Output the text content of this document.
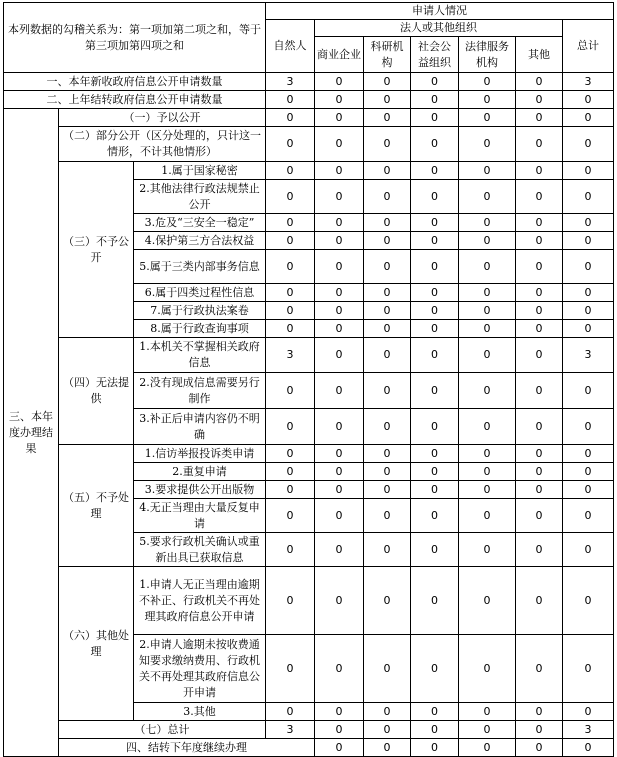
本列数据的勾稽关系为：第一项加第二项之和，等于第三项加第四项之和			申请人情况							
			自然人	法人或其他组织					总计	
				商业企业	科研机构	社会公益组织	法律服务机构	其他		
一、本年新收政府信息公开申请数量			3	0	0	0	0	0	3	
二、上年结转政府信息公开申请数量			0	0	0	0	0	0	0	
三、本年度办理结果	（一）予以公开		0	0	0	0	0	0	0	
	（二）部分公开（区分处理的，只计这一情形，不计其他情形）		0	0	0	0	0	0	0	
	（三）不予公开	1.属于国家秘密	0	0	0	0	0	0	0	
		2.其他法律行政法规禁止公开	0	0	0	0	0	0	0	
		3.危及“三安全一稳定”	0	0	0	0	0	0	0	
		4.保护第三方合法权益	0	0	0	0	0	0	0	
		5.属于三类内部事务信息	0	0	0	0	0	0	0	
		6.属于四类过程性信息	0	0	0	0	0	0	0	
		7.属于行政执法案卷	0	0	0	0	0	0	0	
		8.属于行政查询事项	0	0	0	0	0	0	0	
	（四）无法提供	1.本机关不掌握相关政府信息	3	0	0	0	0	0	3	
		2.没有现成信息需要另行制作	0	0	0	0	0	0	0	
		3.补正后申请内容仍不明确	0	0	0	0	0	0	0	
	（五）不予处理	1.信访举报投诉类申请	0	0	0	0	0	0	0	
		2.重复申请	0	0	0	0	0	0	0	
		3.要求提供公开出版物	0	0	0	0	0	0	0	
		4.无正当理由大量反复申请	0	0	0	0	0	0	0	
		5.要求行政机关确认或重新出具已获取信息	0	0	0	0	0	0	0	
	（六）其他处理	1.申请人无正当理由逾期不补正、行政机关不再处理其政府信息公开申请	0	0	0	0	0	0	0	
		2.申请人逾期未按收费通知要求缴纳费用、行政机关不再处理其政府信息公开申请	0	0	0	0	0	0	0	
		3.其他	0	0	0	0	0	0	0	
	（七）总计		3	0	0	0	0	0	3	
	四、结转下年度继续办理			0	0	0	0	0	0	
